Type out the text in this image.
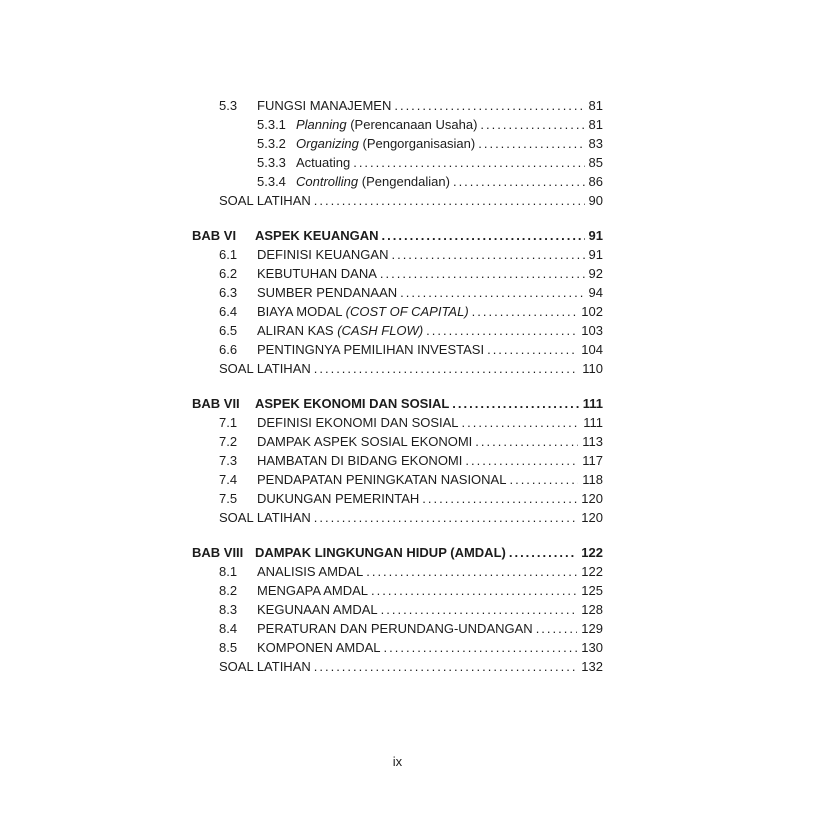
5.3	FUNGSI MANAJEMEN .....	81
5.3.1 Planning (Perencanaan Usaha) .....	81
5.3.2 Organizing (Pengorganisasian) .....	83
5.3.3 Actuating .....	85
5.3.4 Controlling (Pengendalian) .....	86
SOAL LATIHAN .....	90
BAB VI	ASPEK KEUANGAN .....	91
6.1	DEFINISI KEUANGAN .....	91
6.2	KEBUTUHAN DANA .....	92
6.3	SUMBER PENDANAAN .....	94
6.4	BIAYA MODAL (COST OF CAPITAL) .....	102
6.5	ALIRAN KAS (CASH FLOW) .....	103
6.6	PENTINGNYA PEMILIHAN INVESTASI .....	104
SOAL LATIHAN .....	110
BAB VII	ASPEK EKONOMI DAN SOSIAL .....	111
7.1	DEFINISI EKONOMI DAN SOSIAL .....	111
7.2	DAMPAK ASPEK SOSIAL EKONOMI .....	113
7.3	HAMBATAN DI BIDANG EKONOMI .....	117
7.4	PENDAPATAN PENINGKATAN NASIONAL .....	118
7.5	DUKUNGAN PEMERINTAH .....	120
SOAL LATIHAN .....	120
BAB VIII DAMPAK LINGKUNGAN HIDUP (AMDAL) .....	122
8.1	ANALISIS AMDAL .....	122
8.2	MENGAPA AMDAL .....	125
8.3	KEGUNAAN AMDAL .....	128
8.4	PERATURAN DAN PERUNDANG-UNDANGAN .....	129
8.5	KOMPONEN AMDAL .....	130
SOAL LATIHAN .....	132
ix
